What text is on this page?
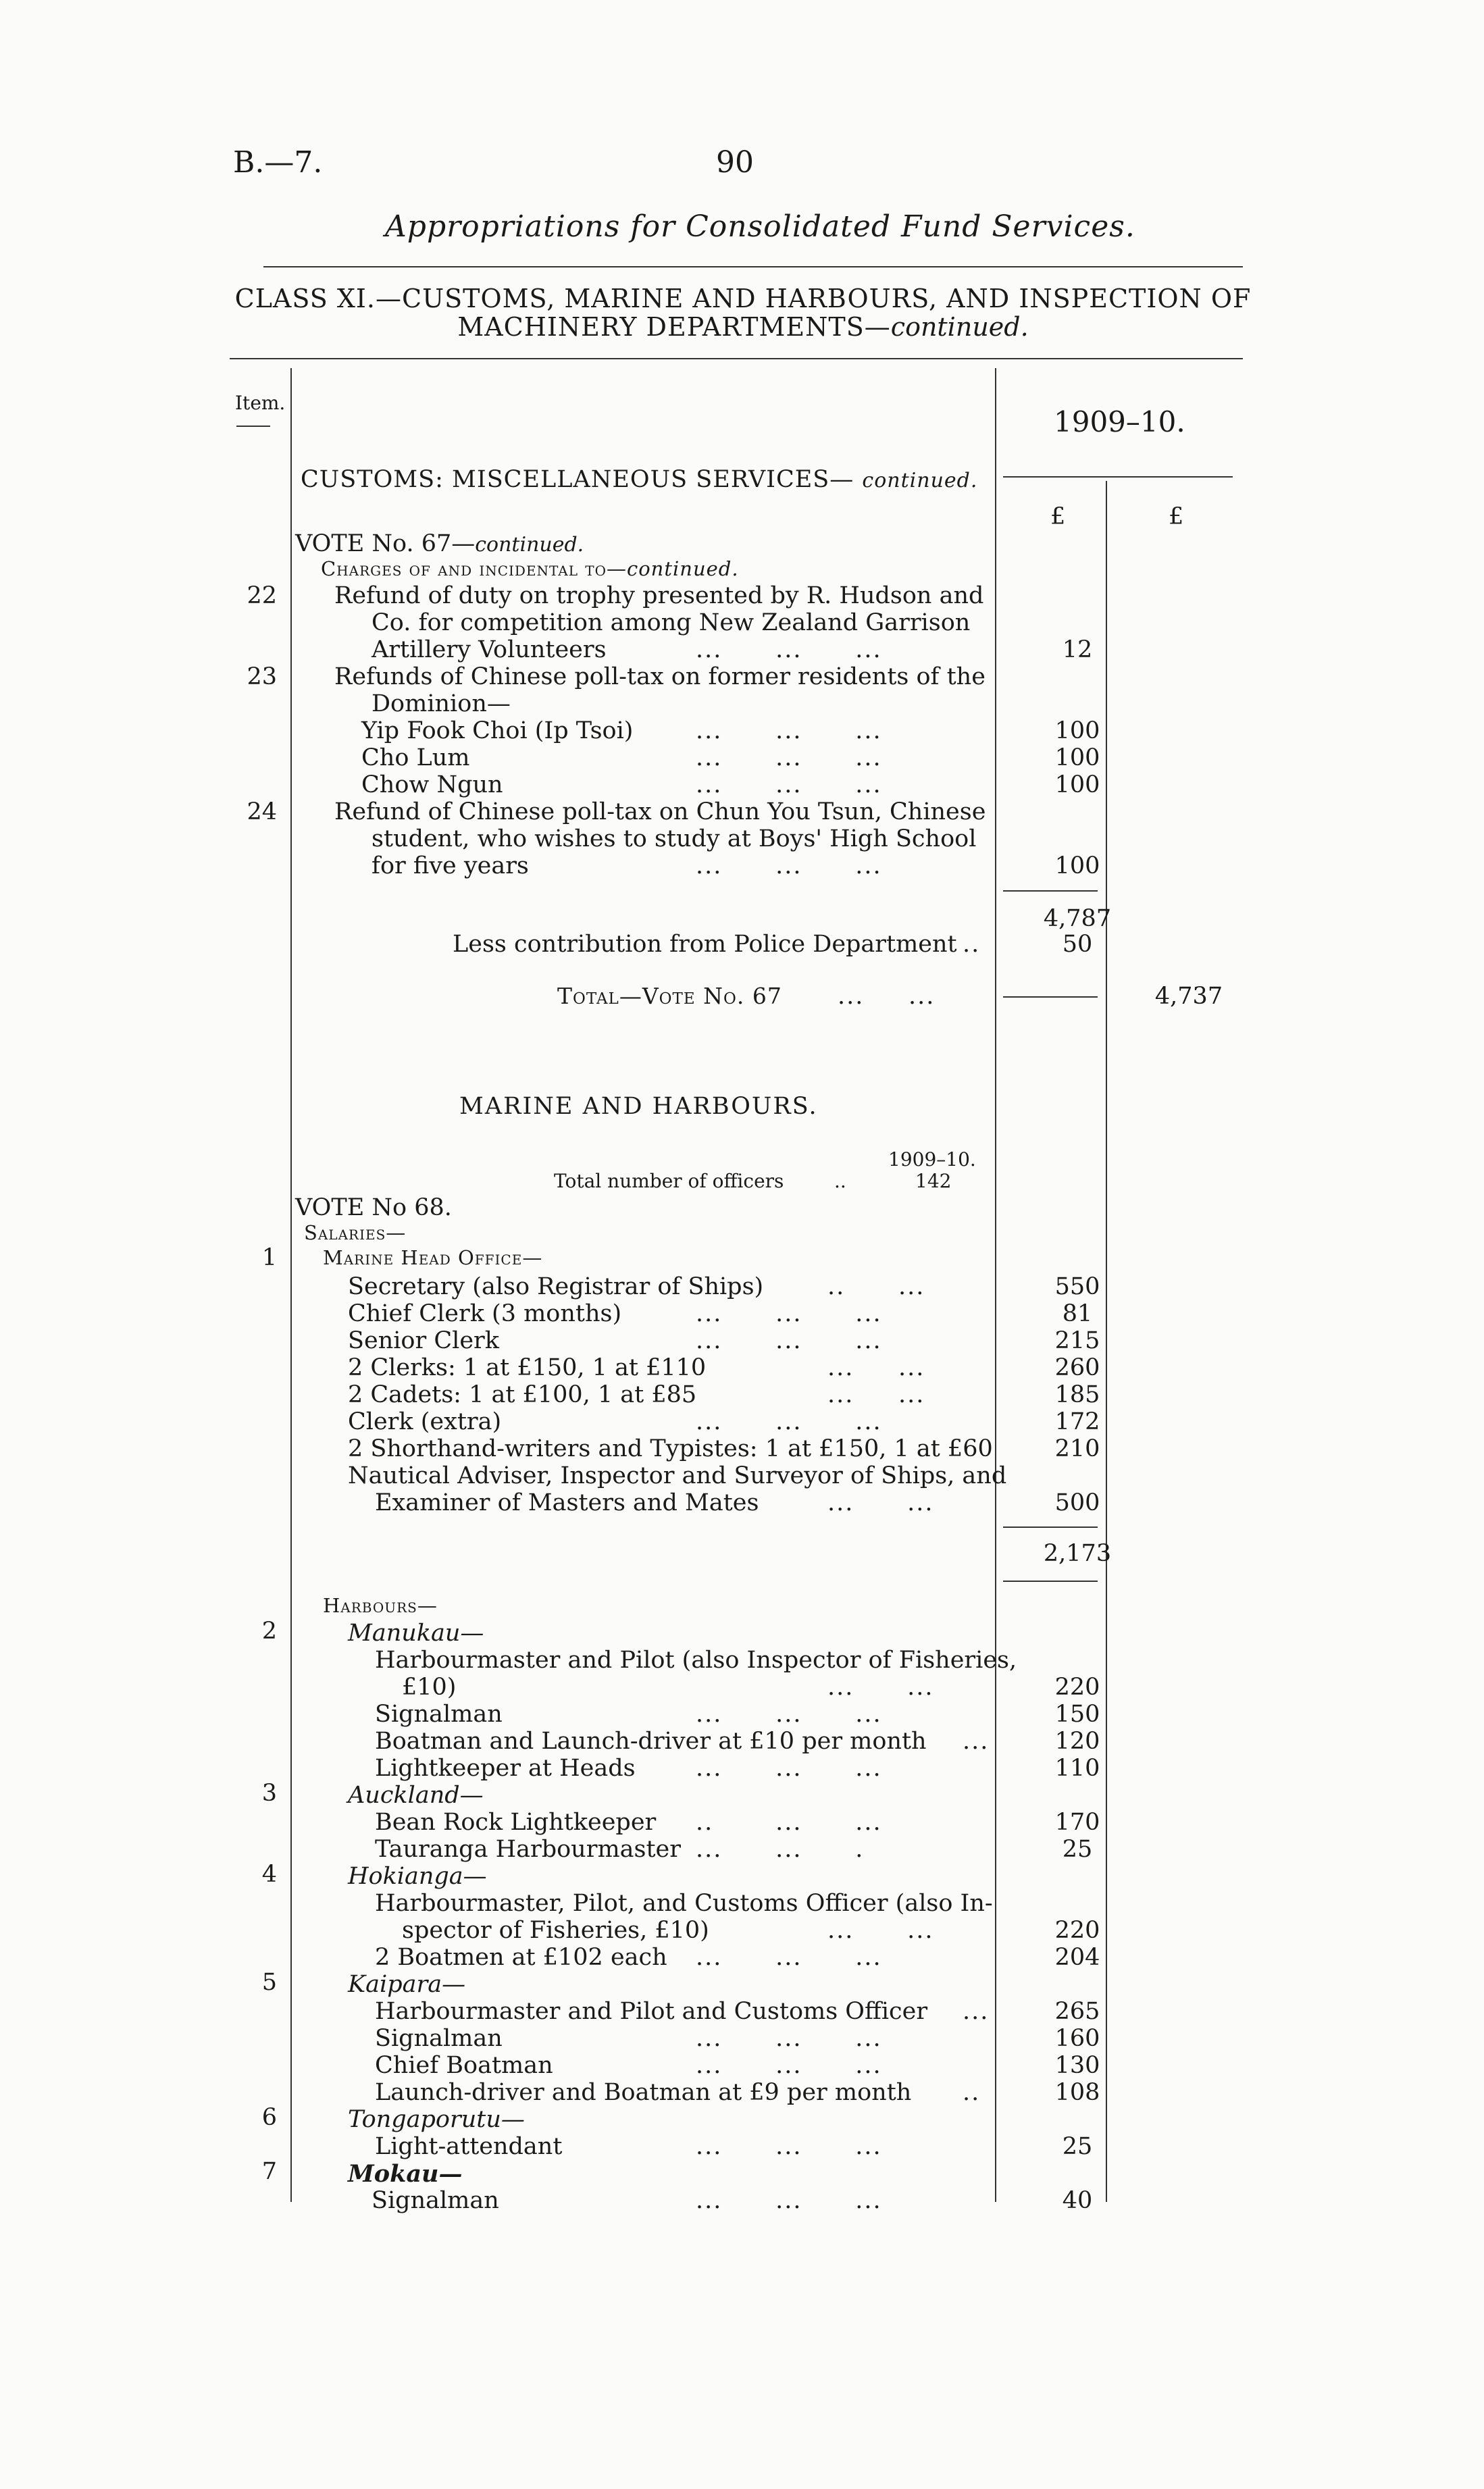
B.—7.	90
Appropriations for Consolidated Fund Services.
CLASS XI.—CUSTOMS, MARINE AND HARBOURS, AND INSPECTION OF
MACHINERY DEPARTMENTS—continued.
Item.
1909–10.
£	£
CUSTOMS: MISCELLANEOUS SERVICES— continued.
VOTE No. 67—continued.
Charges of and incidental to—continued.
22 Refund of duty on trophy presented by R. Hudson and
Co. for competition among New Zealand Garrison
Artillery Volunteers	...      ...      ...	12
23 Refunds of Chinese poll-tax on former residents of the
Dominion—
Yip Fook Choi (Ip Tsoi)	...      ...      ...	100
Cho Lum	...      ...      ...	100
Chow Ngun	...      ...      ...	100
24 Refund of Chinese poll-tax on Chun You Tsun, Chinese
student, who wishes to study at Boys' High School
for five years	...      ...      ...	100
4,787
Less contribution from Police Department ..	50
Total—Vote No. 67 ...     ...	4,737
MARINE AND HARBOURS.
1909–10.
Total number of officers	..	142
VOTE No 68.
Salaries—
1 Marine Head Office—
Secretary (also Registrar of Ships)	..      ...	550
Chief Clerk (3 months)	...      ...      ...	81
Senior Clerk	...      ...      ...	215
2 Clerks: 1 at £150, 1 at £110	...     ...	260
2 Cadets: 1 at £100, 1 at £85	...     ...	185
Clerk (extra)	...      ...      ...	172
2 Shorthand-writers and Typistes: 1 at £150, 1 at £60	210
Nautical Adviser, Inspector and Surveyor of Ships, and
Examiner of Masters and Mates	...      ...	500
2,173
Harbours—
2	Manukau—
Harbourmaster and Pilot (also Inspector of Fisheries,
£10)	...      ...	220
Signalman	...      ...      ...	150
Boatman and Launch-driver at £10 per month ...	120
Lightkeeper at Heads	...      ...      ...	110
3	Auckland—
Bean Rock Lightkeeper ..       ...      ...	170
Tauranga Harbourmaster ...      ...      .	25
4	Hokianga—
Harbourmaster, Pilot, and Customs Officer (also In-
spector of Fisheries, £10)	...      ...	220
2 Boatmen at £102 each ...      ...      ...	204
5	Kaipara—
Harbourmaster and Pilot and Customs Officer ...	265
Signalman	...      ...      ...	160
Chief Boatman	...      ...      ...	130
Launch-driver and Boatman at £9 per month ..	108
6	Tongaporutu—
Light-attendant	...      ...      ...	25
7	Mokau—
Signalman	...      ...      ...	40
